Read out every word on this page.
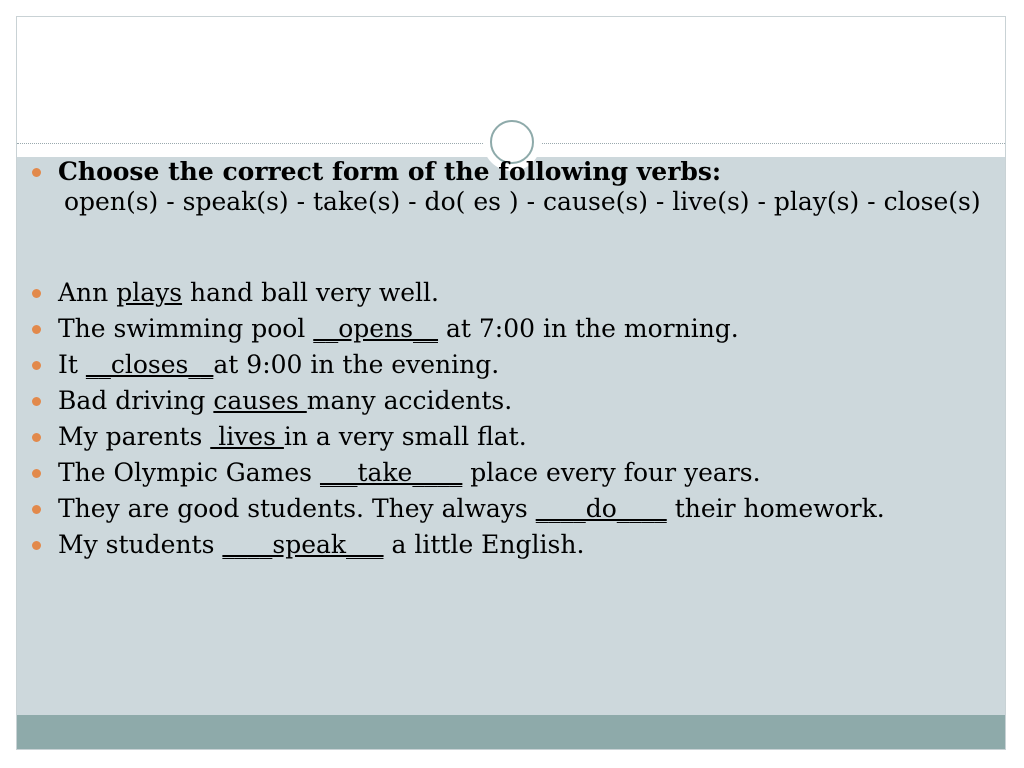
Choose the correct form of the following verbs:
open(s) - speak(s) - take(s) - do( es ) - cause(s) - live(s) - play(s) - close(s)
Ann plays hand ball very well.
The swimming pool __opens__ at 7:00 in the morning.
It __closes__at 9:00 in the evening.
Bad driving causes many accidents.
My parents  lives in a very small flat.
The Olympic Games ___take____ place every four years.
They are good students. They always ____do____ their homework.
My students ____speak___ a little English.
